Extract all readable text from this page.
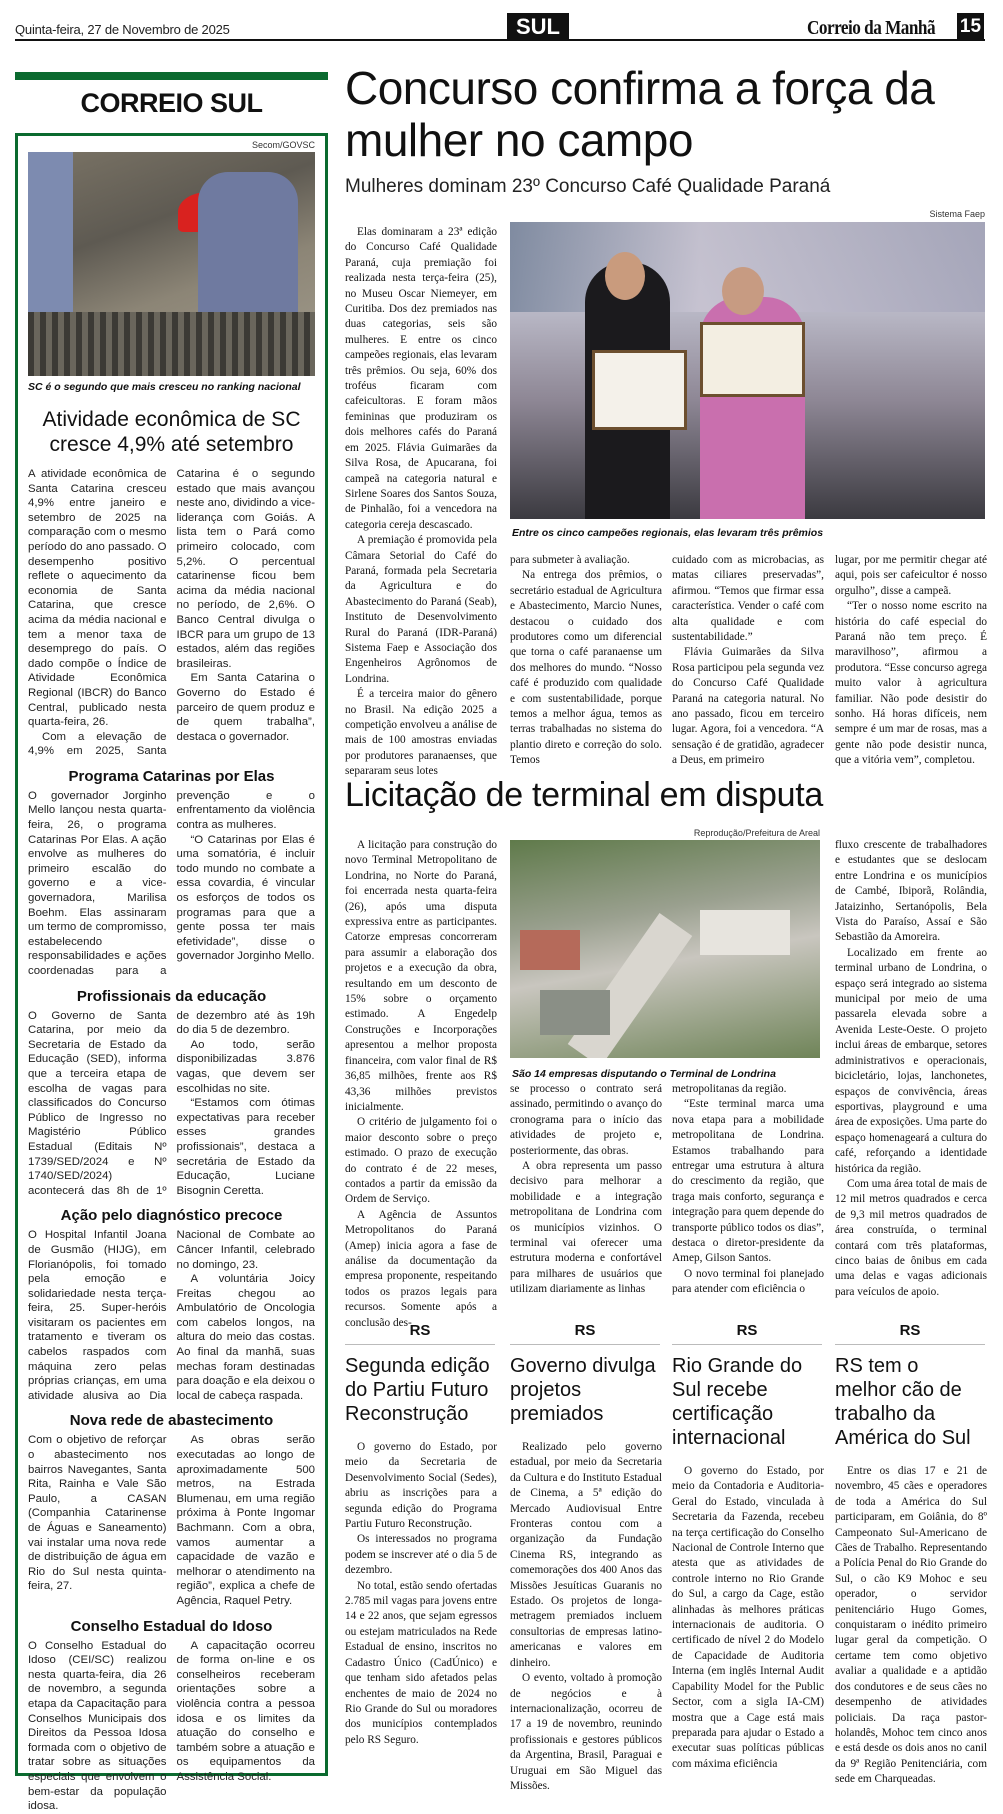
Quinta-feira, 27 de Novembro de 2025	SUL	Correio da Manhã 15
CORREIO SUL
Secom/GOVSC
SC é o segundo que mais cresceu no ranking nacional
Atividade econômica de SC cresce 4,9% até setembro

A atividade econômica de Santa Catarina cresceu 4,9% entre janeiro e setembro de 2025 na comparação com o mesmo período do ano passado. O desempenho positivo reflete o aquecimento da economia de Santa Catarina, que cresce acima da média nacional e tem a menor taxa de desemprego do país. O dado compõe o Índice de Atividade Econômica Regional (IBCR) do Banco Central, publicado nesta quarta-feira, 26.

Com a elevação de 4,9% em 2025, Santa Catarina é o segundo estado que mais avançou neste ano, dividindo a vice-liderança com Goiás. A lista tem o Pará como primeiro colocado, com 5,2%. O percentual catarinense ficou bem acima da média nacional no período, de 2,6%. O Banco Central divulga o IBCR para um grupo de 13 estados, além das regiões brasileiras.

Em Santa Catarina o Governo do Estado é parceiro de quem produz e de quem trabalha”, destaca o governador.

Programa Catarinas por Elas

O governador Jorginho Mello lançou nesta quarta-feira, 26, o programa Catarinas Por Elas. A ação envolve as mulheres do primeiro escalão do governo e a vice-governadora, Marilisa Boehm. Elas assinaram um termo de compromisso, estabelecendo responsabilidades e ações coordenadas para a prevenção e o enfrentamento da violência contra as mulheres.

“O Catarinas por Elas é uma somatória, é incluir todo mundo no combate a essa covardia, é vincular os esforços de todos os programas para que a gente possa ter mais efetividade”, disse o governador Jorginho Mello.

Profissionais da educação

O Governo de Santa Catarina, por meio da Secretaria de Estado da Educação (SED), informa que a terceira etapa de escolha de vagas para classificados do Concurso Público de Ingresso no Magistério Público Estadual (Editais Nº 1739/SED/2024 e Nº 1740/SED/2024) acontecerá das 8h de 1º de dezembro até às 19h do dia 5 de dezembro.

Ao todo, serão disponibilizadas 3.876 vagas, que devem ser escolhidas no site.

“Estamos com ótimas expectativas para receber esses grandes profissionais”, destaca a secretária de Estado da Educação, Luciane Bisognin Ceretta.

Ação pelo diagnóstico precoce

O Hospital Infantil Joana de Gusmão (HIJG), em Florianópolis, foi tomado pela emoção e solidariedade nesta terça-feira, 25. Super-heróis visitaram os pacientes em tratamento e tiveram os cabelos raspados com máquina zero pelas próprias crianças, em uma atividade alusiva ao Dia Nacional de Combate ao Câncer Infantil, celebrado no domingo, 23.

A voluntária Joicy Freitas chegou ao Ambulatório de Oncologia com cabelos longos, na altura do meio das costas. Ao final da manhã, suas mechas foram destinadas para doação e ela deixou o local de cabeça raspada.

Nova rede de abastecimento

Com o objetivo de reforçar o abastecimento nos bairros Navegantes, Santa Rita, Rainha e Vale São Paulo, a CASAN (Companhia Catarinense de Águas e Saneamento) vai instalar uma nova rede de distribuição de água em Rio do Sul nesta quinta-feira, 27.

As obras serão executadas ao longo de aproximadamente 500 metros, na Estrada Blumenau, em uma região próxima à Ponte Ingomar Bachmann. Com a obra, vamos aumentar a capacidade de vazão e melhorar o atendimento na região”, explica a chefe de Agência, Raquel Petry.

Conselho Estadual do Idoso

O Conselho Estadual do Idoso (CEI/SC) realizou nesta quarta-feira, dia 26 de novembro, a segunda etapa da Capacitação para Conselhos Municipais dos Direitos da Pessoa Idosa formada com o objetivo de tratar sobre as situações especiais que envolvem o bem-estar da população idosa.

A capacitação ocorreu de forma on-line e os conselheiros receberam orientações sobre a violência contra a pessoa idosa e os limites da atuação do conselho e também sobre a atuação e os equipamentos da Assistência Social.

Concurso confirma a força da mulher no campo
Mulheres dominam 23º Concurso Café Qualidade Paraná
Sistema Faep
Entre os cinco campeões regionais, elas levaram três prêmios

Elas dominaram a 23ª edição do Concurso Café Qualidade Paraná, cuja premiação foi realizada nesta terça-feira (25), no Museu Oscar Niemeyer, em Curitiba. Dos dez premiados nas duas categorias, seis são mulheres. E entre os cinco campeões regionais, elas levaram três prêmios. Ou seja, 60% dos troféus ficaram com cafeicultoras. E foram mãos femininas que produziram os dois melhores cafés do Paraná em 2025. Flávia Guimarães da Silva Rosa, de Apucarana, foi campeã na categoria natural e Sirlene Soares dos Santos Souza, de Pinhalão, foi a vencedora na categoria cereja descascado.

A premiação é promovida pela Câmara Setorial do Café do Paraná, formada pela Secretaria da Agricultura e do Abastecimento do Paraná (Seab), Instituto de Desenvolvimento Rural do Paraná (IDR-Paraná) Sistema Faep e Associação dos Engenheiros Agrônomos de Londrina.

É a terceira maior do gênero no Brasil. Na edição 2025 a competição envolveu a análise de mais de 100 amostras enviadas por produtores paranaenses, que separaram seus lotes

para submeter à avaliação.

Na entrega dos prêmios, o secretário estadual de Agricultura e Abastecimento, Marcio Nunes, destacou o cuidado dos produtores como um diferencial que torna o café paranaense um dos melhores do mundo. “Nosso café é produzido com qualidade e com sustentabilidade, porque temos a melhor água, temos as terras trabalhadas no sistema do plantio direto e correção do solo. Temos

cuidado com as microbacias, as matas ciliares preservadas”, afirmou. “Temos que firmar essa característica. Vender o café com alta qualidade e com sustentabilidade.”

Flávia Guimarães da Silva Rosa participou pela segunda vez do Concurso Café Qualidade Paraná na categoria natural. No ano passado, ficou em terceiro lugar. Agora, foi a vencedora. “A sensação é de gratidão, agradecer a Deus, em primeiro

lugar, por me permitir chegar até aqui, pois ser cafeicultor é nosso orgulho”, disse a campeã.

“Ter o nosso nome escrito na história do café especial do Paraná não tem preço. É maravilhoso”, afirmou a produtora. “Esse concurso agrega muito valor à agricultura familiar. Não pode desistir do sonho. Há horas difíceis, nem sempre é um mar de rosas, mas a gente não pode desistir nunca, que a vitória vem”, completou.

Licitação de terminal em disputa
Reprodução/Prefeitura de Areal
São 14 empresas disputando o Terminal de Londrina

A licitação para construção do novo Terminal Metropolitano de Londrina, no Norte do Paraná, foi encerrada nesta quarta-feira (26), após uma disputa expressiva entre as participantes. Catorze empresas concorreram para assumir a elaboração dos projetos e a execução da obra, resultando em um desconto de 15% sobre o orçamento estimado. A Engedelp Construções e Incorporações apresentou a melhor proposta financeira, com valor final de R$ 36,85 milhões, frente aos R$ 43,36 milhões previstos inicialmente.

O critério de julgamento foi o maior desconto sobre o preço estimado. O prazo de execução do contrato é de 22 meses, contados a partir da emissão da Ordem de Serviço.

A Agência de Assuntos Metropolitanos do Paraná (Amep) inicia agora a fase de análise da documentação da empresa proponente, respeitando todos os prazos legais para recursos. Somente após a conclusão des-

se processo o contrato será assinado, permitindo o avanço do cronograma para o início das atividades de projeto e, posteriormente, das obras.

A obra representa um passo decisivo para melhorar a mobilidade e a integração metropolitana de Londrina com os municípios vizinhos. O terminal vai oferecer uma estrutura moderna e confortável para milhares de usuários que utilizam diariamente as linhas

metropolitanas da região.

“Este terminal marca uma nova etapa para a mobilidade metropolitana de Londrina. Estamos trabalhando para entregar uma estrutura à altura do crescimento da região, que traga mais conforto, segurança e integração para quem depende do transporte público todos os dias”, destaca o diretor-presidente da Amep, Gilson Santos.

O novo terminal foi planejado para atender com eficiência o

fluxo crescente de trabalhadores e estudantes que se deslocam entre Londrina e os municípios de Cambé, Ibiporã, Rolândia, Jataizinho, Sertanópolis, Bela Vista do Paraíso, Assaí e São Sebastião da Amoreira.

Localizado em frente ao terminal urbano de Londrina, o espaço será integrado ao sistema municipal por meio de uma passarela elevada sobre a Avenida Leste-Oeste. O projeto inclui áreas de embarque, setores administrativos e operacionais, bicicletário, lojas, lanchonetes, espaços de convivência, áreas esportivas, playground e uma área de exposições. Uma parte do espaço homenageará a cultura do café, reforçando a identidade histórica da região.

Com uma área total de mais de 12 mil metros quadrados e cerca de 9,3 mil metros quadrados de área construída, o terminal contará com três plataformas, cinco baias de ônibus em cada uma delas e vagas adicionais para veículos de apoio.

RS
Segunda edição do Partiu Futuro Reconstrução

O governo do Estado, por meio da Secretaria de Desenvolvimento Social (Sedes), abriu as inscrições para a segunda edição do Programa Partiu Futuro Reconstrução.

Os interessados no programa podem se inscrever até o dia 5 de dezembro.

No total, estão sendo ofertadas 2.785 mil vagas para jovens entre 14 e 22 anos, que sejam egressos ou estejam matriculados na Rede Estadual de ensino, inscritos no Cadastro Único (CadÚnico) e que tenham sido afetados pelas enchentes de maio de 2024 no Rio Grande do Sul ou moradores dos municípios contemplados pelo RS Seguro.

RS
Governo divulga projetos premiados

Realizado pelo governo estadual, por meio da Secretaria da Cultura e do Instituto Estadual de Cinema, a 5ª edição do Mercado Audiovisual Entre Fronteras contou com a organização da Fundação Cinema RS, integrando as comemorações dos 400 Anos das Missões Jesuíticas Guaranis no Estado. Os projetos de longa-metragem premiados incluem consultorias de empresas latino-americanas e valores em dinheiro.

O evento, voltado à promoção de negócios e à internacionalização, ocorreu de 17 a 19 de novembro, reunindo profissionais e gestores públicos da Argentina, Brasil, Paraguai e Uruguai em São Miguel das Missões.

RS
Rio Grande do Sul recebe certificação internacional

O governo do Estado, por meio da Contadoria e Auditoria-Geral do Estado, vinculada à Secretaria da Fazenda, recebeu na terça certificação do Conselho Nacional de Controle Interno que atesta que as atividades de controle interno no Rio Grande do Sul, a cargo da Cage, estão alinhadas às melhores práticas internacionais de auditoria. O certificado de nível 2 do Modelo de Capacidade de Auditoria Interna (em inglês Internal Audit Capability Model for the Public Sector, com a sigla IA-CM) mostra que a Cage está mais preparada para ajudar o Estado a executar suas políticas públicas com máxima eficiência

RS
RS tem o melhor cão de trabalho da América do Sul

Entre os dias 17 e 21 de novembro, 45 cães e operadores de toda a América do Sul participaram, em Goiânia, do 8º Campeonato Sul-Americano de Cães de Trabalho. Representando a Polícia Penal do Rio Grande do Sul, o cão K9 Mohoc e seu operador, o servidor penitenciário Hugo Gomes, conquistaram o inédito primeiro lugar geral da competição. O certame tem como objetivo avaliar a qualidade e a aptidão dos condutores e de seus cães no desempenho de atividades policiais. Da raça pastor-holandês, Mohoc tem cinco anos e está desde os dois anos no canil da 9ª Região Penitenciária, com sede em Charqueadas.
